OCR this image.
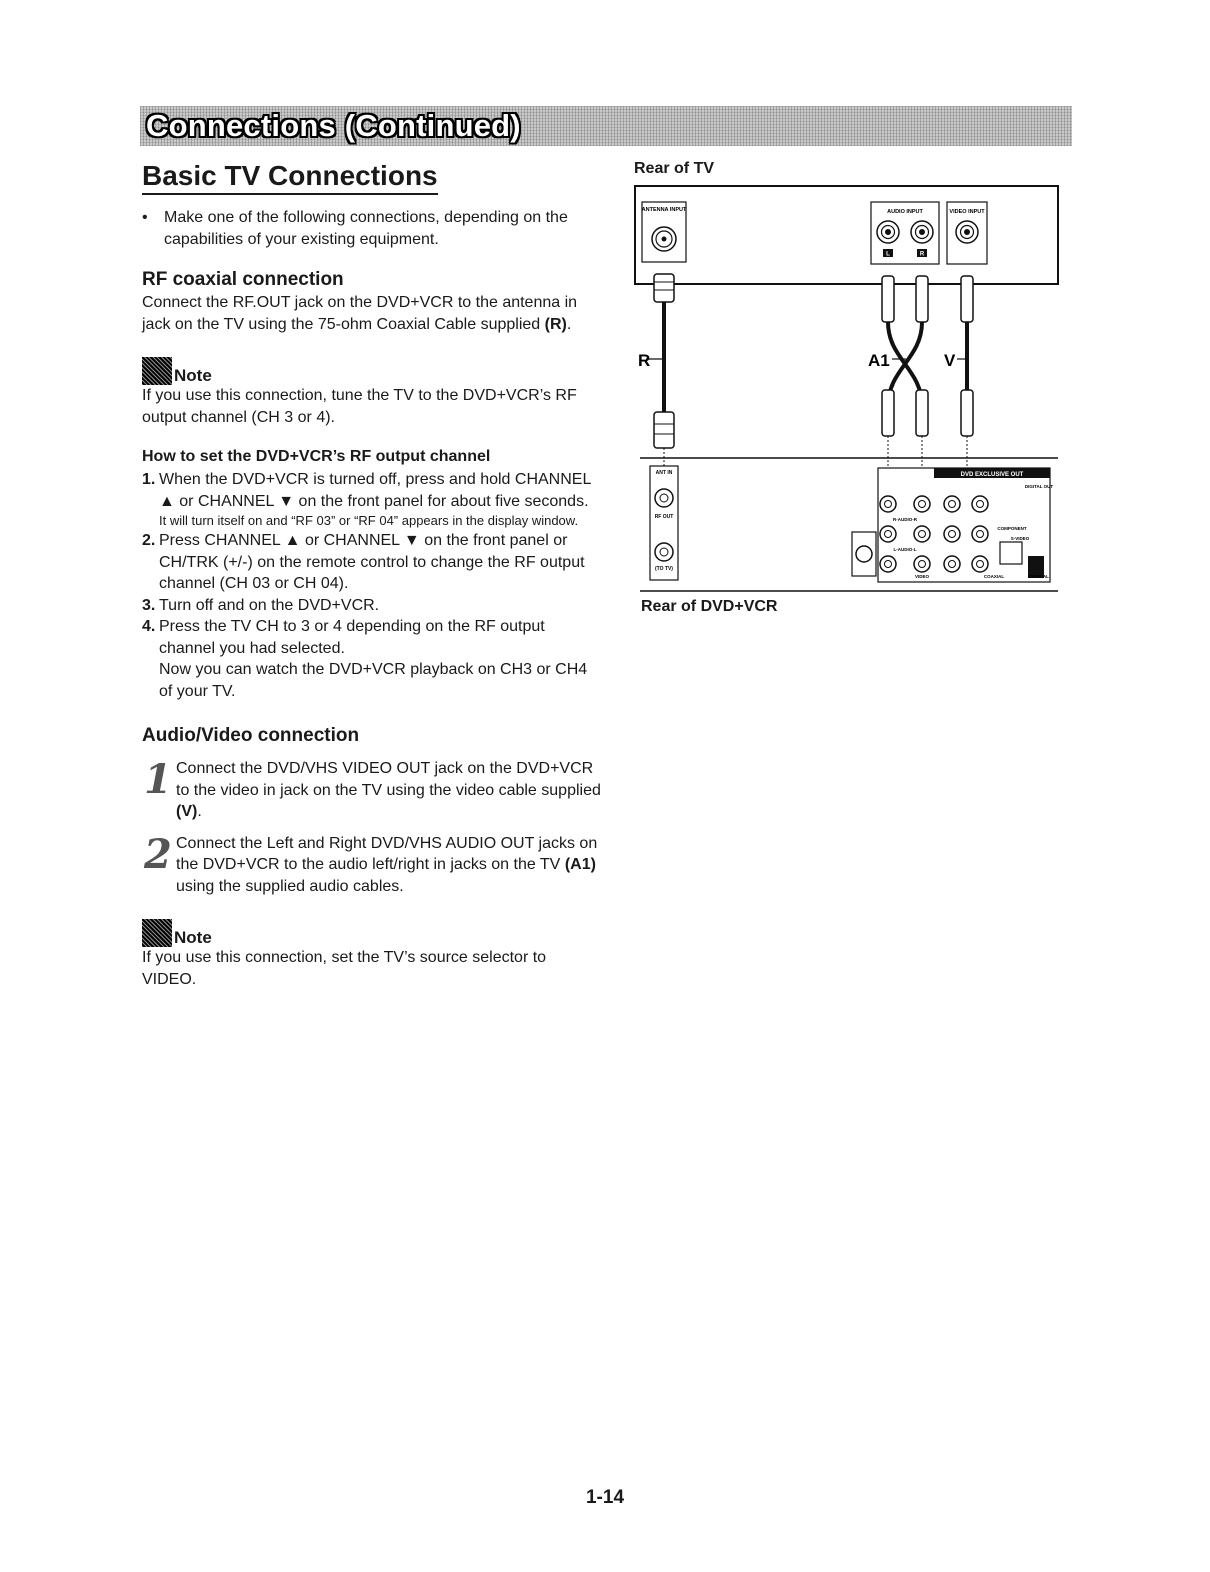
Connections (Continued)
Basic TV Connections
• Make one of the following connections, depending on the capabilities of your existing equipment.
RF coaxial connection
Connect the RF.OUT jack on the DVD+VCR to the antenna in jack on the TV using the 75-ohm Coaxial Cable supplied (R).
Note
If you use this connection, tune the TV to the DVD+VCR’s RF output channel (CH 3 or 4).
How to set the DVD+VCR’s RF output channel
1. When the DVD+VCR is turned off, press and hold CHANNEL ▲ or CHANNEL ▼ on the front panel for about five seconds.
It will turn itself on and “RF 03” or “RF 04” appears in the display window.
2. Press CHANNEL ▲ or CHANNEL ▼ on the front panel or CH/TRK (+/-) on the remote control to change the RF output channel (CH 03 or CH 04).
3. Turn off and on the DVD+VCR.
4. Press the TV CH to 3 or 4 depending on the RF output channel you had selected.
Now you can watch the DVD+VCR playback on CH3 or CH4 of your TV.
Audio/Video connection
1 Connect the DVD/VHS VIDEO OUT jack on the DVD+VCR to the video in jack on the TV using the video cable supplied (V).
2 Connect the Left and Right DVD/VHS AUDIO OUT jacks on the DVD+VCR to the audio left/right in jacks on the TV (A1) using the supplied audio cables.
Note
If you use this connection, set the TV’s source selector to VIDEO.
Rear of TV
ANTENNA INPUT	AUDIO INPUT
L	R
VIDEO INPUT
R	A1	V
ANT IN
RF OUT
(TO TV)
DVD EXCLUSIVE OUT
DIGITAL OUT
R-AUDIO-R
L-AUDIO-L
COMPONENT
S-VIDEO
VIDEO	COAXIAL	OPTICAL
Rear of DVD+VCR
1-14
